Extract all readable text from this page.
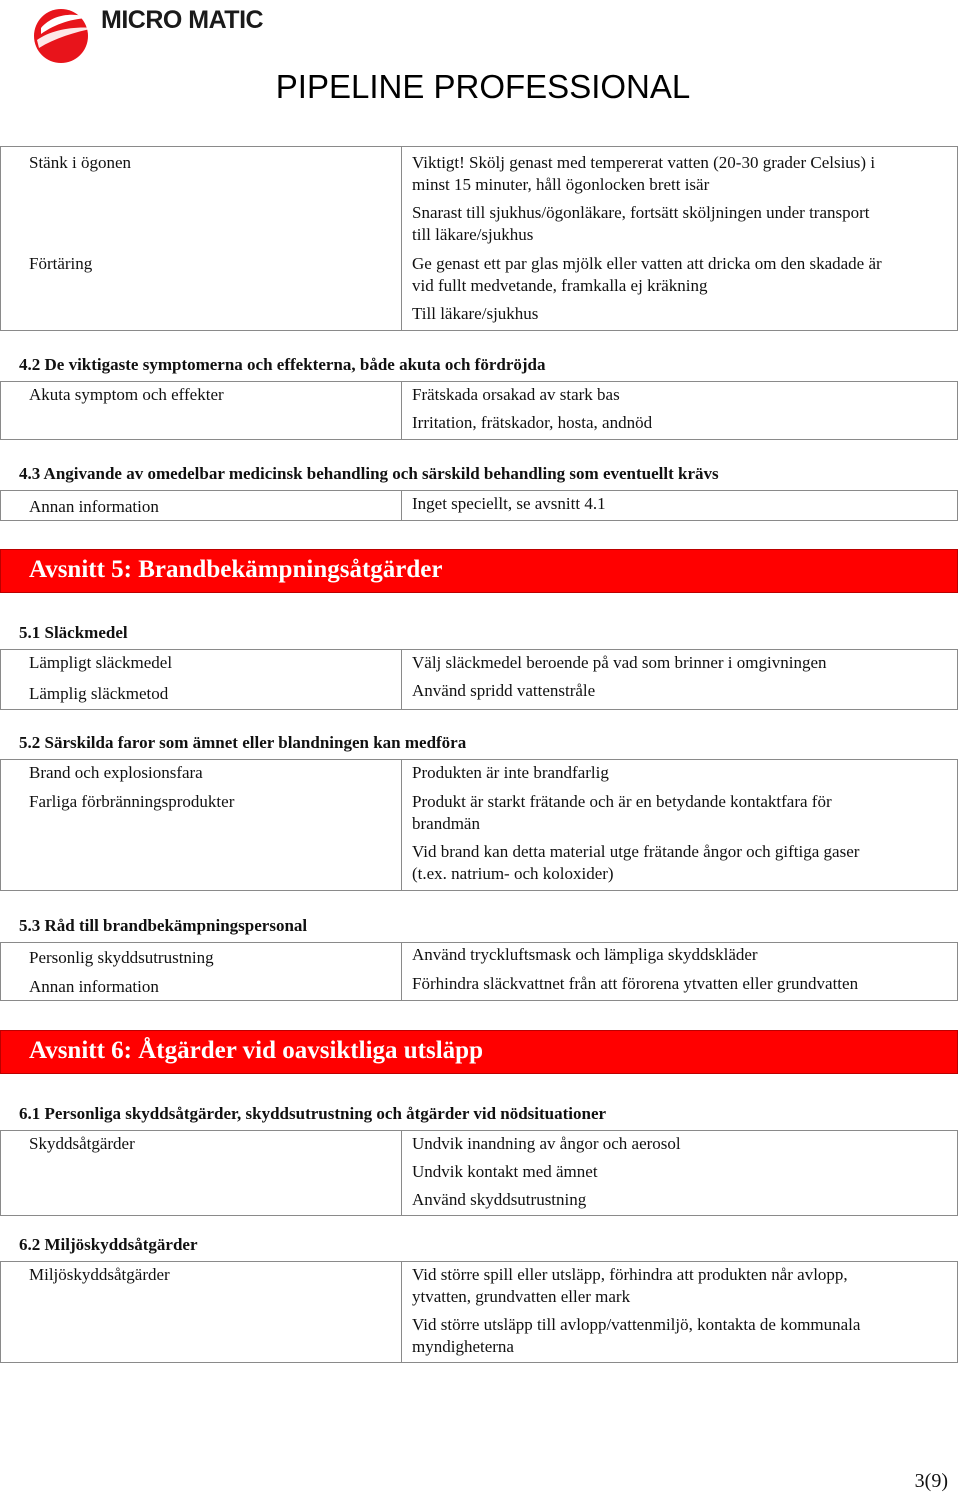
MICRO MATIC
PIPELINE PROFESSIONAL
Stänk i ögonen	Viktigt! Skölj genast med tempererat vatten (20-30 grader Celsius) i
minst 15 minuter, håll ögonlocken brett isär
Snarast till sjukhus/ögonläkare, fortsätt sköljningen under transport
till läkare/sjukhus
Förtäring	Ge genast ett par glas mjölk eller vatten att dricka om den skadade är
vid fullt medvetande, framkalla ej kräkning
Till läkare/sjukhus
4.2 De viktigaste symptomerna och effekterna, både akuta och fördröjda
Akuta symptom och effekter	Frätskada orsakad av stark bas
Irritation, frätskador, hosta, andnöd
4.3 Angivande av omedelbar medicinsk behandling och särskild behandling som eventuellt krävs
Annan information	Inget speciellt, se avsnitt 4.1
Avsnitt 5: Brandbekämpningsåtgärder
5.1 Släckmedel
Lämpligt släckmedel	Välj släckmedel beroende på vad som brinner i omgivningen
Lämplig släckmetod	Använd spridd vattenstråle
5.2 Särskilda faror som ämnet eller blandningen kan medföra
Brand och explosionsfara	Produkten är inte brandfarlig
Farliga förbränningsprodukter	Produkt är starkt frätande och är en betydande kontaktfara för
brandmän
Vid brand kan detta material utge frätande ångor och giftiga gaser
(t.ex. natrium- och koloxider)
5.3 Råd till brandbekämpningspersonal
Personlig skyddsutrustning	Använd tryckluftsmask och lämpliga skyddskläder
Annan information	Förhindra släckvattnet från att förorena ytvatten eller grundvatten
Avsnitt 6: Åtgärder vid oavsiktliga utsläpp
6.1 Personliga skyddsåtgärder, skyddsutrustning och åtgärder vid nödsituationer
Skyddsåtgärder	Undvik inandning av ångor och aerosol
Undvik kontakt med ämnet
Använd skyddsutrustning
6.2 Miljöskyddsåtgärder
Miljöskyddsåtgärder	Vid större spill eller utsläpp, förhindra att produkten når avlopp,
ytvatten, grundvatten eller mark
Vid större utsläpp till avlopp/vattenmiljö, kontakta de kommunala
myndigheterna
3(9)
